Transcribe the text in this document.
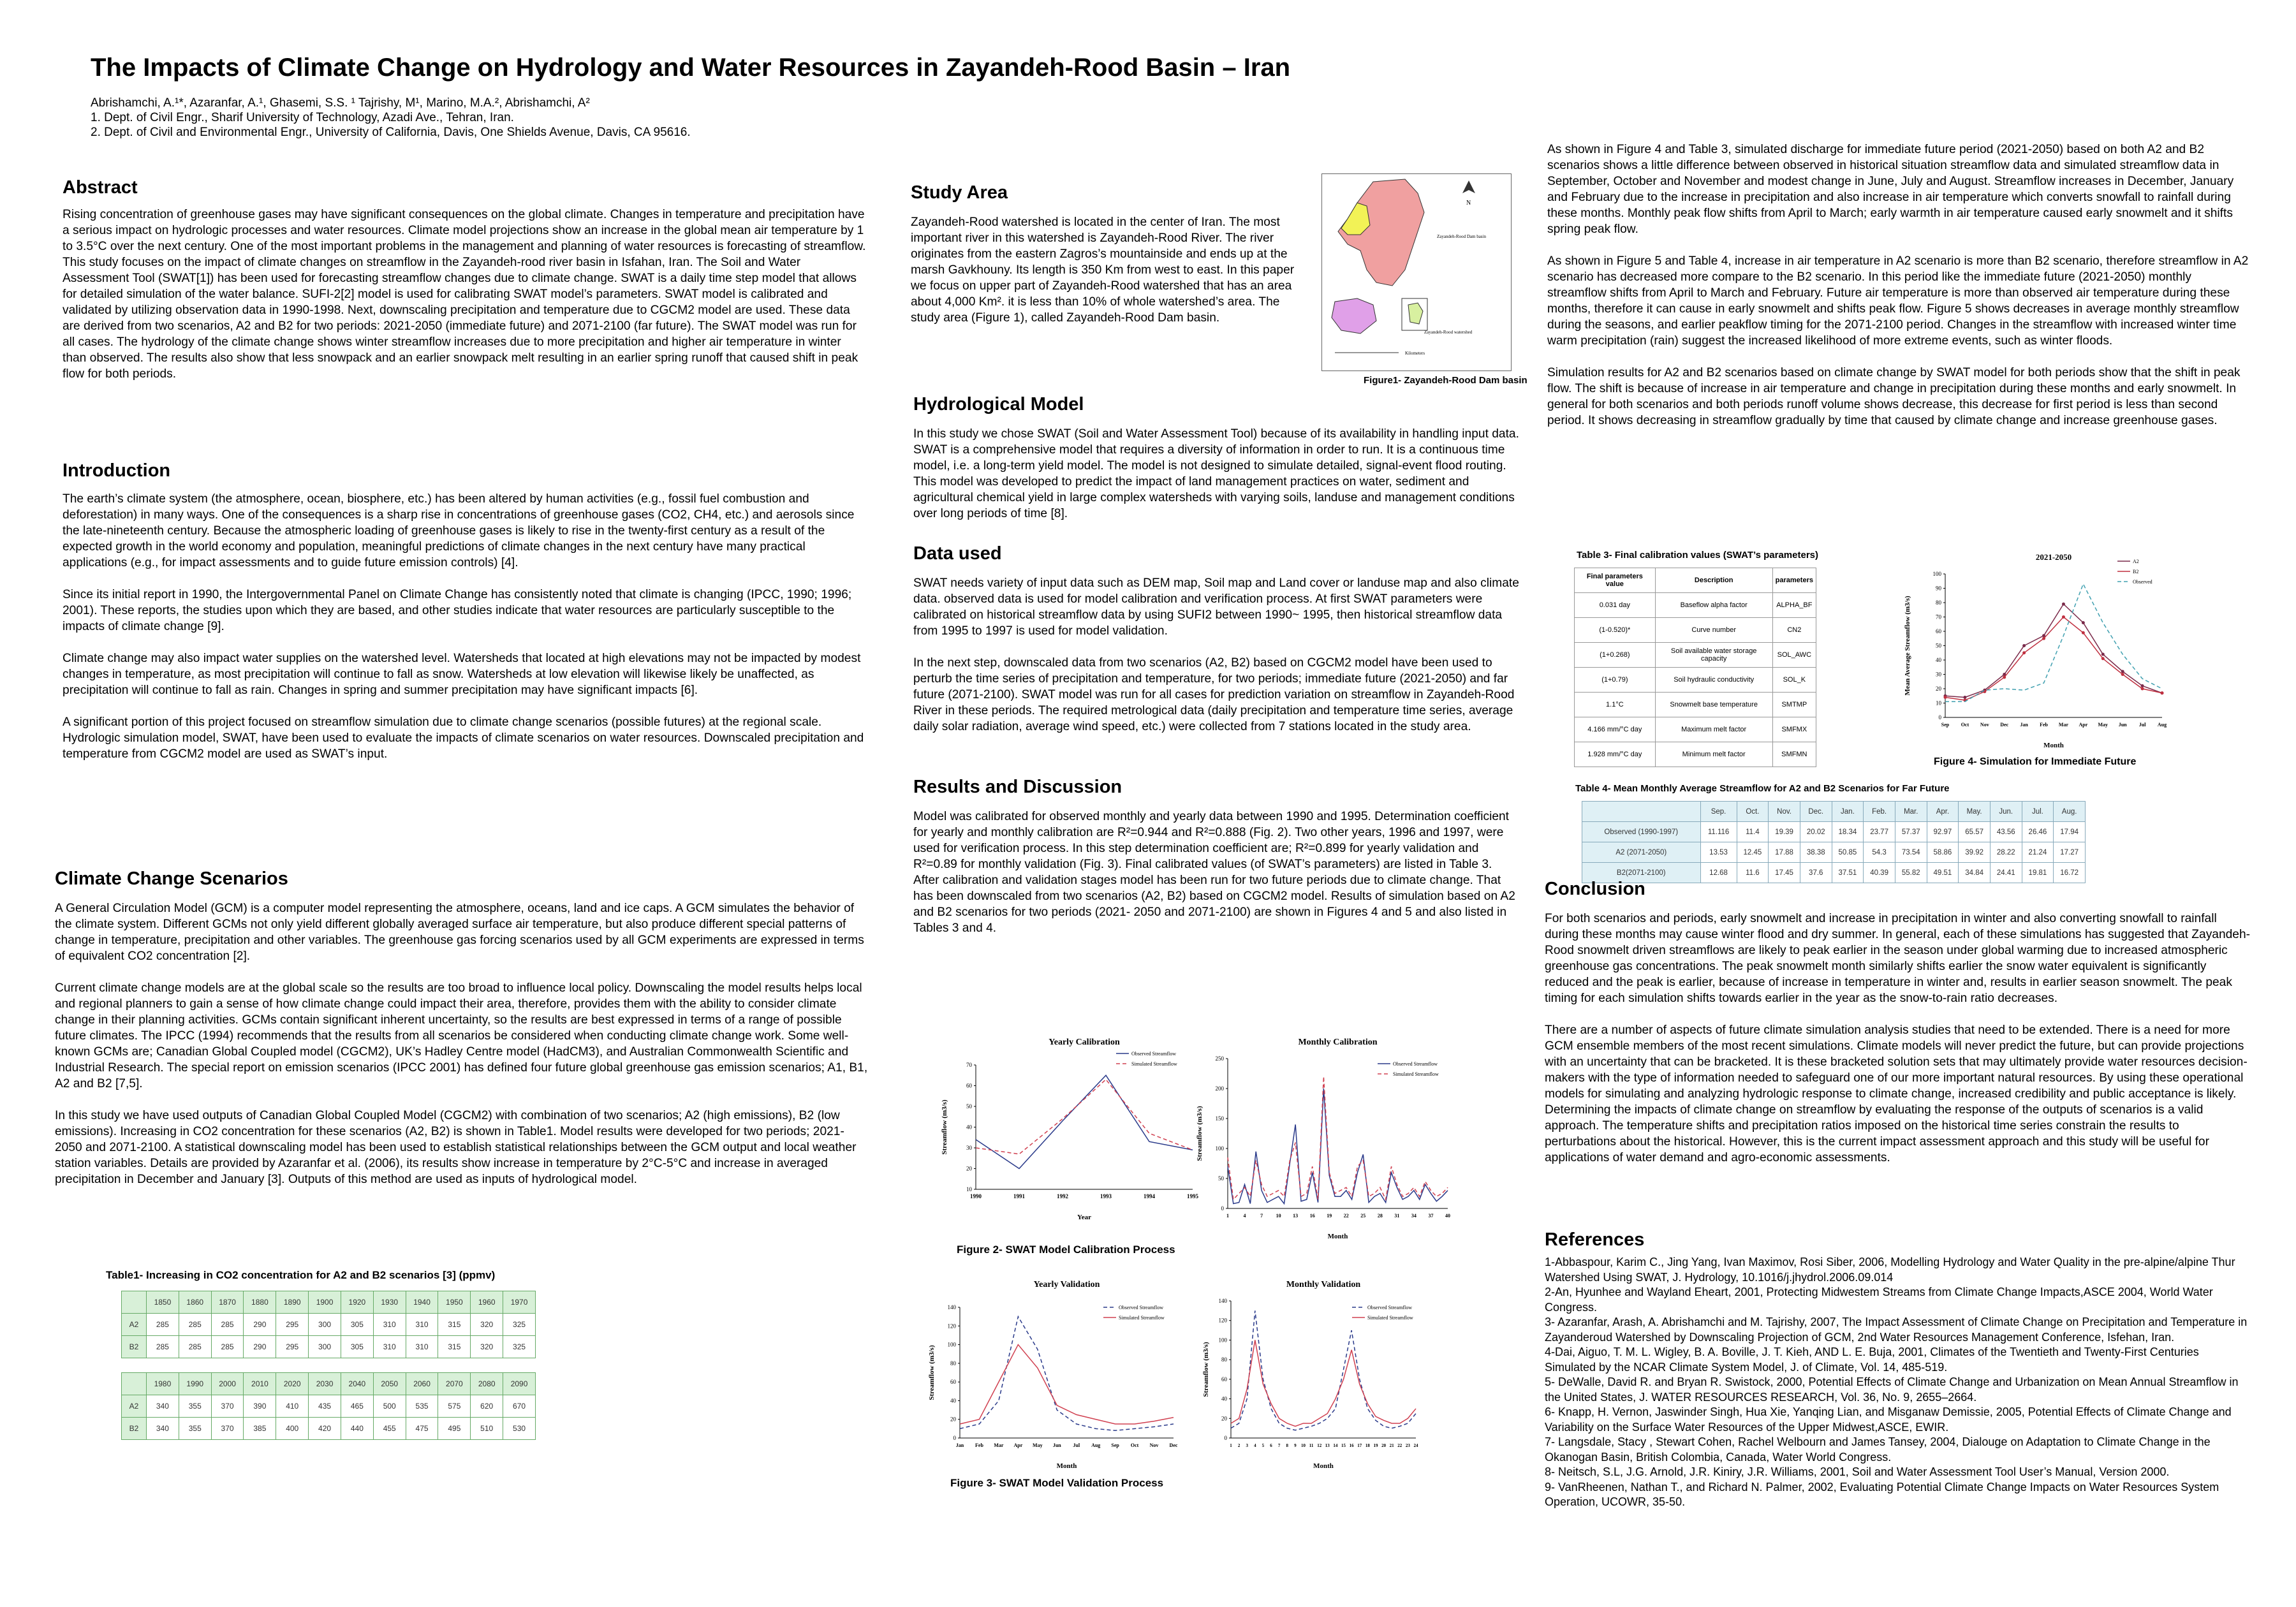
The Impacts of Climate Change on Hydrology and Water Resources in Zayandeh-Rood Basin – Iran
Abrishamchi, A.¹*, Azaranfar, A.¹, Ghasemi, S.S. ¹ Tajrishy, M¹, Marino, M.A.², Abrishamchi, A²
1. Dept. of Civil Engr., Sharif University of Technology, Azadi Ave., Tehran, Iran.
2. Dept. of Civil and Environmental Engr., University of California, Davis, One Shields Avenue, Davis, CA 95616.
Abstract
Rising concentration of greenhouse gases may have significant consequences on the global climate. Changes in temperature and precipitation have a serious impact on hydrologic processes and water resources. Climate model projections show an increase in the global mean air temperature by 1 to 3.5°C over the next century. One of the most important problems in the management and planning of water resources is forecasting of streamflow. This study focuses on the impact of climate changes on streamflow in the Zayandeh-rood river basin in Isfahan, Iran. The Soil and Water Assessment Tool (SWAT[1]) has been used for forecasting streamflow changes due to climate change. SWAT is a daily time step model that allows for detailed simulation of the water balance. SUFI-2[2] model is used for calibrating SWAT model’s parameters. SWAT model is calibrated and validated by utilizing observation data in 1990-1998. Next, downscaling precipitation and temperature due to CGCM2 model are used. These data are derived from two scenarios, A2 and B2 for two periods: 2021-2050 (immediate future) and 2071-2100 (far future). The SWAT model was run for all cases. The hydrology of the climate change shows winter streamflow increases due to more precipitation and higher air temperature in winter than observed. The results also show that less snowpack and an earlier snowpack melt resulting in an earlier spring runoff that caused shift in peak flow for both periods.
Introduction

The earth’s climate system (the atmosphere, ocean, biosphere, etc.) has been altered by human activities (e.g., fossil fuel combustion and deforestation) in many ways. One of the consequences is a sharp rise in concentrations of greenhouse gases (CO2, CH4, etc.) and aerosols since the late-nineteenth century. Because the atmospheric loading of greenhouse gases is likely to rise in the twenty-first century as a result of the expected growth in the world economy and population, meaningful predictions of climate changes in the next century have many practical applications (e.g., for impact assessments and to guide future emission controls) [4].

Since its initial report in 1990, the Intergovernmental Panel on Climate Change has consistently noted that climate is changing (IPCC, 1990; 1996; 2001). These reports, the studies upon which they are based, and other studies indicate that water resources are particularly susceptible to the impacts of climate change [9].

Climate change may also impact water supplies on the watershed level. Watersheds that located at high elevations may not be impacted by modest changes in temperature, as most precipitation will continue to fall as snow. Watersheds at low elevation will likewise likely be unaffected, as precipitation will continue to fall as rain. Changes in spring and summer precipitation may have significant impacts [6].

A significant portion of this project focused on streamflow simulation due to climate change scenarios (possible futures) at the regional scale. Hydrologic simulation model, SWAT, have been used to evaluate the impacts of climate scenarios on water resources. Downscaled precipitation and temperature from CGCM2 model are used as SWAT’s input.

Climate Change Scenarios

A General Circulation Model (GCM) is a computer model representing the atmosphere, oceans, land and ice caps. A GCM simulates the behavior of the climate system. Different GCMs not only yield different globally averaged surface air temperature, but also produce different special patterns of change in temperature, precipitation and other variables. The greenhouse gas forcing scenarios used by all GCM experiments are expressed in terms of equivalent CO2 concentration [2].

Current climate change models are at the global scale so the results are too broad to influence local policy. Downscaling the model results helps local and regional planners to gain a sense of how climate change could impact their area, therefore, provides them with the ability to consider climate change in their planning activities. GCMs contain significant inherent uncertainty, so the results are best expressed in terms of a range of possible future climates. The IPCC (1994) recommends that the results from all scenarios be considered when conducting climate change work. Some well-known GCMs are; Canadian Global Coupled model (CGCM2), UK’s Hadley Centre model (HadCM3), and Australian Commonwealth Scientific and Industrial Research. The special report on emission scenarios (IPCC 2001) has defined four future global greenhouse gas emission scenarios; A1, B1, A2 and B2 [7,5].

In this study we have used outputs of Canadian Global Coupled Model (CGCM2) with combination of two scenarios; A2 (high emissions), B2 (low emissions). Increasing in CO2 concentration for these scenarios (A2, B2) is shown in Table1. Model results were developed for two periods; 2021-2050 and 2071-2100. A statistical downscaling model has been used to establish statistical relationships between the GCM output and local weather station variables. Details are provided by Azaranfar et al. (2006), its results show increase in temperature by 2°C-5°C and increase in averaged precipitation in December and January [3]. Outputs of this method are used as inputs of hydrological model.

Table1- Increasing in CO2 concentration for A2 and B2 scenarios [3] (ppmv)
	1850	1860	1870	1880	1890	1900	1920	1930	1940	1950	1960	1970
A2	285	285	285	290	295	300	305	310	310	315	320	325
B2	285	285	285	290	295	300	305	310	310	315	320	325
	1980	1990	2000	2010	2020	2030	2040	2050	2060	2070	2080	2090
A2	340	355	370	390	410	435	465	500	535	575	620	670
B2	340	355	370	385	400	420	440	455	475	495	510	530
Study Area
Zayandeh-Rood watershed is located in the center of Iran. The most important river in this watershed is Zayandeh-Rood River. The river originates from the eastern Zagros’s mountainside and ends up at the marsh Gavkhouny. Its length is 350 Km from west to east. In this paper we focus on upper part of Zayandeh-Rood watershed that has an area about 4,000 Km². it is less than 10% of whole watershed’s area. The study area (Figure 1), called Zayandeh-Rood Dam basin.
N
Zayandeh-Rood Dam basin
Zayandeh-Rood watershed
Kilometers
Figure1- Zayandeh-Rood Dam basin
Hydrological Model
In this study we chose SWAT (Soil and Water Assessment Tool) because of its availability in handling input data. SWAT is a comprehensive model that requires a diversity of information in order to run. It is a continuous time model, i.e. a long-term yield model. The model is not designed to simulate detailed, signal-event flood routing. This model was developed to predict the impact of land management practices on water, sediment and agricultural chemical yield in large complex watersheds with varying soils, landuse and management conditions over long periods of time [8].
Data used

SWAT needs variety of input data such as DEM map, Soil map and Land cover or landuse map and also climate data. observed data is used for model calibration and verification process. At first SWAT parameters were calibrated on historical streamflow data by using SUFI2 between 1990~ 1995, then historical streamflow data from 1995 to 1997 is used for model validation.

In the next step, downscaled data from two scenarios (A2, B2) based on CGCM2 model have been used to perturb the time series of precipitation and temperature, for two periods; immediate future (2021-2050) and far future (2071-2100). SWAT model was run for all cases for prediction variation on streamflow in Zayandeh-Rood River in these periods. The required metrological data (daily precipitation and temperature time series, average daily solar radiation, average wind speed, etc.) were collected from 7 stations located in the study area.

Results and Discussion
Model was calibrated for observed monthly and yearly data between 1990 and 1995. Determination coefficient for yearly and monthly calibration are R²=0.944 and R²=0.888 (Fig. 2). Two other years, 1996 and 1997, were used for verification process. In this step determination coefficient are; R²=0.899 for yearly validation and R²=0.89 for monthly validation (Fig. 3). Final calibrated values (of SWAT’s parameters) are listed in Table 3. After calibration and validation stages model has been run for two future periods due to climate change. That has been downscaled from two scenarios (A2, B2) based on CGCM2 model. Results of simulation based on A2 and B2 scenarios for two periods (2021- 2050 and 2071-2100) are shown in Figures 4 and 5 and also listed in Tables 3 and 4.
Yearly Calibration
10
20
30
40
50
60
70
1990	1991	1992	1993	1994	1995
Year
Streamflow (m3/s)
Observed Streamflow
Simulated Streamflow
Monthly Calibration
0
50
100
150
200
250
1	4	7	10 13 16 19 22 25 28 31 34 37 40
Month
Streamflow (m3/s)
Observed Streamflow
Simulated Streamflow
Figure 2- SWAT Model Calibration Process
Yearly Validation
0
20
40
60
80
100
120
140
Jan Feb Mar Apr May Jun Jul Aug Sep Oct Nov Dec
Month
Streamflow (m3/s)
Observed Streamflow
Simulated Streamflow
Monthly Validation
0
20
40
60
80
100
120
140
1 2 3 4 5 6 7 8 9 10 11 12 13 14 15 16 17 18 19 20 21 22 23 24
Month
Streamflow (m3/s)
Observed Streamflow
Simulated Streamflow
Figure 3- SWAT Model Validation Process

As shown in Figure 4 and Table 3, simulated discharge for immediate future period (2021-2050) based on both A2 and B2 scenarios shows a little difference between observed in historical situation streamflow data and simulated streamflow data in September, October and November and modest change in June, July and August. Streamflow increases in December, January and February due to the increase in precipitation and also increase in air temperature which converts snowfall to rainfall during these months. Monthly peak flow shifts from April to March; early warmth in air temperature caused early snowmelt and it shifts spring peak flow.

As shown in Figure 5 and Table 4, increase in air temperature in A2 scenario is more than B2 scenario, therefore streamflow in A2 scenario has decreased more compare to the B2 scenario. In this period like the immediate future (2021-2050) monthly streamflow shifts from April to March and February. Future air temperature is more than observed air temperature during these months, therefore it can cause in early snowmelt and shifts peak flow. Figure 5 shows decreases in average monthly streamflow during the seasons, and earlier peakflow timing for the 2071-2100 period. Changes in the streamflow with increased winter time warm precipitation (rain) suggest the increased likelihood of more extreme events, such as winter floods.

Simulation results for A2 and B2 scenarios based on climate change by SWAT model for both periods show that the shift in peak flow. The shift is because of increase in air temperature and change in precipitation during these months and early snowmelt. In general for both scenarios and both periods runoff volume shows decrease, this decrease for first period is less than second period. It shows decreasing in streamflow gradually by time that caused by climate change and increase greenhouse gases.

Table 3- Final calibration values (SWAT’s parameters)
Final parameters value	Description	parameters
0.031 day	Baseflow alpha factor	ALPHA_BF
(1-0.520)*	Curve number	CN2
(1+0.268)	Soil available water storage capacity	SOL_AWC
(1+0.79)	Soil hydraulic conductivity	SOL_K
1.1°C	Snowmelt base temperature	SMTMP
4.166 mm/°C day	Maximum melt factor	SMFMX
1.928 mm/°C day	Minimum melt factor	SMFMN
2021-2050
0
10
20
30
40
50
60
70
80
90
100
Sep Oct Nov Dec Jan Feb Mar Apr May Jun Jul Aug
Month
Mean Average Streamflow (m3/s)
A2
B2
Observed
Figure 4- Simulation for Immediate Future
Table 4- Mean Monthly Average Streamflow for A2 and B2 Scenarios for Far Future
	Sep.	Oct.	Nov.	Dec.	Jan.	Feb.	Mar.	Apr.	May.	Jun.	Jul.	Aug.
Observed (1990-1997)	11.116	11.4	19.39	20.02	18.34	23.77	57.37	92.97	65.57	43.56	26.46	17.94
A2 (2071-2050)	13.53	12.45	17.88	38.38	50.85	54.3	73.54	58.86	39.92	28.22	21.24	17.27
B2(2071-2100)	12.68	11.6	17.45	37.6	37.51	40.39	55.82	49.51	34.84	24.41	19.81	16.72
Conclusion

For both scenarios and periods, early snowmelt and increase in precipitation in winter and also converting snowfall to rainfall during these months may cause winter flood and dry summer. In general, each of these simulations has suggested that Zayandeh-Rood snowmelt driven streamflows are likely to peak earlier in the season under global warming due to increased atmospheric greenhouse gas concentrations. The peak snowmelt month similarly shifts earlier the snow water equivalent is significantly reduced and the peak is earlier, because of increase in temperature in winter and, results in earlier season snowmelt. The peak timing for each simulation shifts towards earlier in the year as the snow-to-rain ratio decreases.

There are a number of aspects of future climate simulation analysis studies that need to be extended. There is a need for more GCM ensemble members of the most recent simulations. Climate models will never predict the future, but can provide projections with an uncertainty that can be bracketed. It is these bracketed solution sets that may ultimately provide water resources decision-makers with the type of information needed to safeguard one of our more important natural resources. By using these operational models for simulating and analyzing hydrologic response to climate change, increased credibility and public acceptance is likely. Determining the impacts of climate change on streamflow by evaluating the response of the outputs of scenarios is a valid approach. The temperature shifts and precipitation ratios imposed on the historical time series constrain the results to perturbations about the historical. However, this is the current impact assessment approach and this study will be useful for applications of water demand and agro-economic assessments.

References
1-Abbaspour, Karim C., Jing Yang, Ivan Maximov, Rosi Siber, 2006, Modelling Hydrology and Water Quality in the pre-alpine/alpine Thur Watershed Using SWAT, J. Hydrology, 10.1016/j.jhydrol.2006.09.014
2-An, Hyunhee and Wayland Eheart, 2001, Protecting Midwestem Streams from Climate Change Impacts,ASCE 2004, World Water Congress.
3- Azaranfar, Arash, A. Abrishamchi and M. Tajrishy, 2007, The Impact Assessment of Climate Change on Precipitation and Temperature in Zayanderoud Watershed by Downscaling Projection of GCM, 2nd Water Resources Management Conference, Isfehan, Iran.
4-Dai, Aiguo, T. M. L. Wigley, B. A. Boville, J. T. Kieh, AND L. E. Buja, 2001, Climates of the Twentieth and Twenty-First Centuries Simulated by the NCAR Climate System Model, J. of Climate, Vol. 14, 485-519.
5- DeWalle, David R. and Bryan R. Swistock, 2000, Potential Effects of Climate Change and Urbanization on Mean Annual Streamflow in the United States, J. WATER RESOURCES RESEARCH, Vol. 36, No. 9, 2655–2664.
6- Knapp, H. Vernon, Jaswinder Singh, Hua Xie, Yanqing Lian, and Misganaw Demissie, 2005, Potential Effects of Climate Change and Variability on the Surface Water Resources of the Upper Midwest,ASCE, EWIR.
7- Langsdale, Stacy , Stewart Cohen, Rachel Welbourn and James Tansey, 2004, Dialouge on Adaptation to Climate Change in the Okanogan Basin, British Colombia, Canada, Water World Congress.
8- Neitsch, S.L, J.G. Arnold, J.R. Kiniry, J.R. Williams, 2001, Soil and Water Assessment Tool User’s Manual, Version 2000.
9- VanRheenen, Nathan T., and Richard N. Palmer, 2002, Evaluating Potential Climate Change Impacts on Water Resources System Operation, UCOWR, 35-50.
